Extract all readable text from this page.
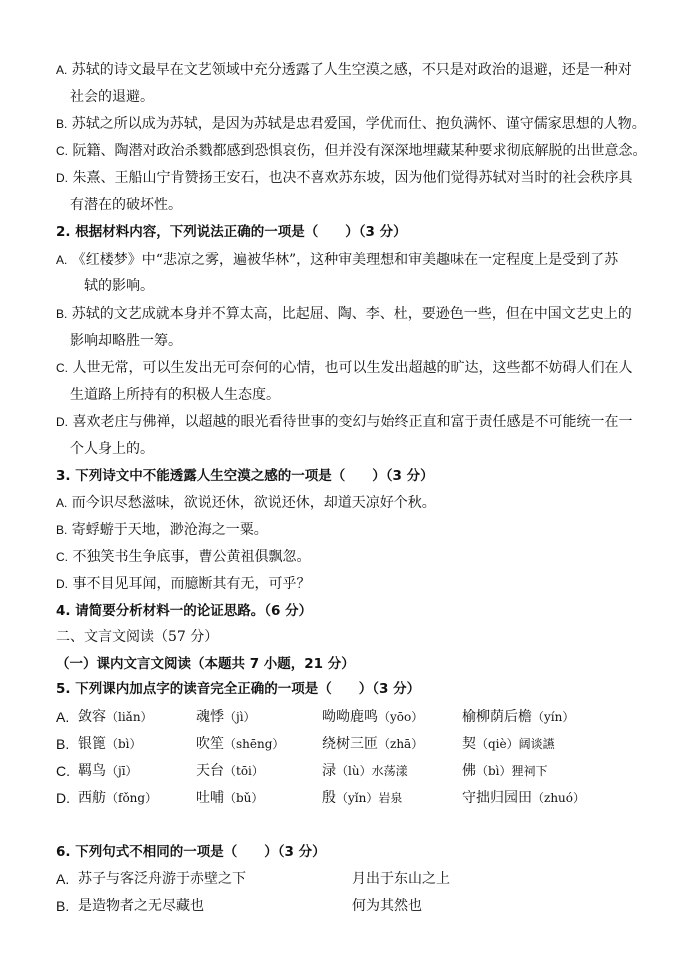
A. 苏轼的诗文最早在文艺领域中充分透露了人生空漠之感，不只是对政治的退避，还是一种对
社会的退避。
B. 苏轼之所以成为苏轼，是因为苏轼是忠君爱国，学优而仕、抱负满怀、谨守儒家思想的人物。
C. 阮籍、陶潜对政治杀戮都感到恐惧哀伤，但并没有深深地埋藏某种要求彻底解脱的出世意念。
D. 朱熹、王船山宁肯赞扬王安石，也决不喜欢苏东坡，因为他们觉得苏轼对当时的社会秩序具
有潜在的破坏性。
2. 根据材料内容，下列说法正确的一项是（　　）（3 分）
A. 《红楼梦》中“悲凉之雾，遍被华林”，这种审美理想和审美趣味在一定程度上是受到了苏
轼的影响。
B. 苏轼的文艺成就本身并不算太高，比起屈、陶、李、杜，要逊色一些，但在中国文艺史上的
影响却略胜一筹。
C. 人世无常，可以生发出无可奈何的心情，也可以生发出超越的旷达，这些都不妨碍人们在人
生道路上所持有的积极人生态度。
D. 喜欢老庄与佛禅，以超越的眼光看待世事的变幻与始终正直和富于责任感是不可能统一在一
个人身上的。
3. 下列诗文中不能透露人生空漠之感的一项是（　　）（3 分）
A. 而今识尽愁滋味，欲说还休，欲说还休，却道天凉好个秋。
B. 寄蜉蝣于天地，渺沧海之一粟。
C. 不独笑书生争底事，曹公黄祖俱飘忽。
D. 事不目见耳闻，而臆断其有无，可乎？
4. 请简要分析材料一的论证思路。（6 分）
二、文言文阅读（57 分）
（一）课内文言文阅读（本题共 7 小题，21 分）
5. 下列课内加点字的读音完全正确的一项是（　　）（3 分）
A. 敛容（liǎn）	魂悸（jì）	呦呦鹿鸣（yōo）	榆柳荫后檐（yín）
B. 银篦（bì）	吹笙（shēng）	绕树三匝（zhā）	契（qiè）阔谈讌
C. 羁鸟（jī）	天台（tōi）	渌（lù）水荡漾	佛（bì）狸祠下
D. 西舫（fǒng）	吐哺（bǔ）	殷（yǐn）岩泉	守拙归园田（zhuó）
6. 下列句式不相同的一项是（　　）（3 分）
A. 苏子与客泛舟游于赤壁之下	月出于东山之上
B. 是造物者之无尽藏也	何为其然也
